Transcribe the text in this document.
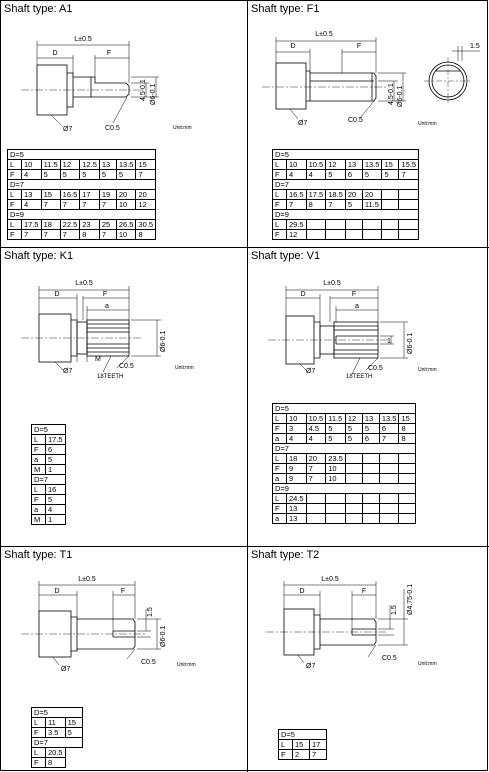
Shaft type: A1
L±0.5
D	F
4.5-0.1 Ø6-0.1
Ø7	C0.5	Unit:mm
D=5							
L	10	11.5	12	12.5	13	13.5	15
F	4	5	5	5	5	5	7
D=7							
L	13	15	16.5	17	19	20	20
F	4	7	7	7	7	10	12
D=9							
L	17.5	18	22.5	23	25	26.5	30.5
F	7	7	7	8	7	10	8
Shaft type: F1
L±0.5
D	F
4.5-0.1 Ø6-0.1
Ø7	C0.5
1.5
Unit:mm
D=5							
L	10	10.5	12	13	13.5	15	15.5
F	4	4	5	6	5	5	7
D=7							
L	16.5	17.5	18.5	20	20		
F	7	8	7	5	11.5		
D=9							
L	29.5						
F	12						
Shaft type: K1
L±0.5
D	F
a
M
Ø6-0.1
Ø7
C0.5
18TEETH
Unit:mm
D=5	
L	17.5
F	6
a	5
M	1
D=7	
L	16
F	5
a	4
M	1
Shaft type: V1
L±0.5
D	F
a
Ø6-0.1
1
Ø7	C0.5
18TEETH
Unit:mm
D=5							
L	10	10.5	11.5	12	13	13.5	15
F	3	4.5	5	5	5	6	8
a	4	4	5	5	6	7	8
D=7							
L	18	20	23.5				
F	9	7	10				
a	9	7	10				
D=9							
L	24.5						
F	13						
a	13						
Shaft type: T1
L±0.5
D	F
1.5
Ø6-0.1
Ø7
C0.5	Unit:mm
D=5		
L	11	15
F	3.5	5
D=7		
L	20.5	
F	8	
Shaft type: T2
L±0.5
D	F
1.5 Ø4.75-0.1
Ø7
C0.5
Unit:mm
D=5		
L	15	17
F	2	7
